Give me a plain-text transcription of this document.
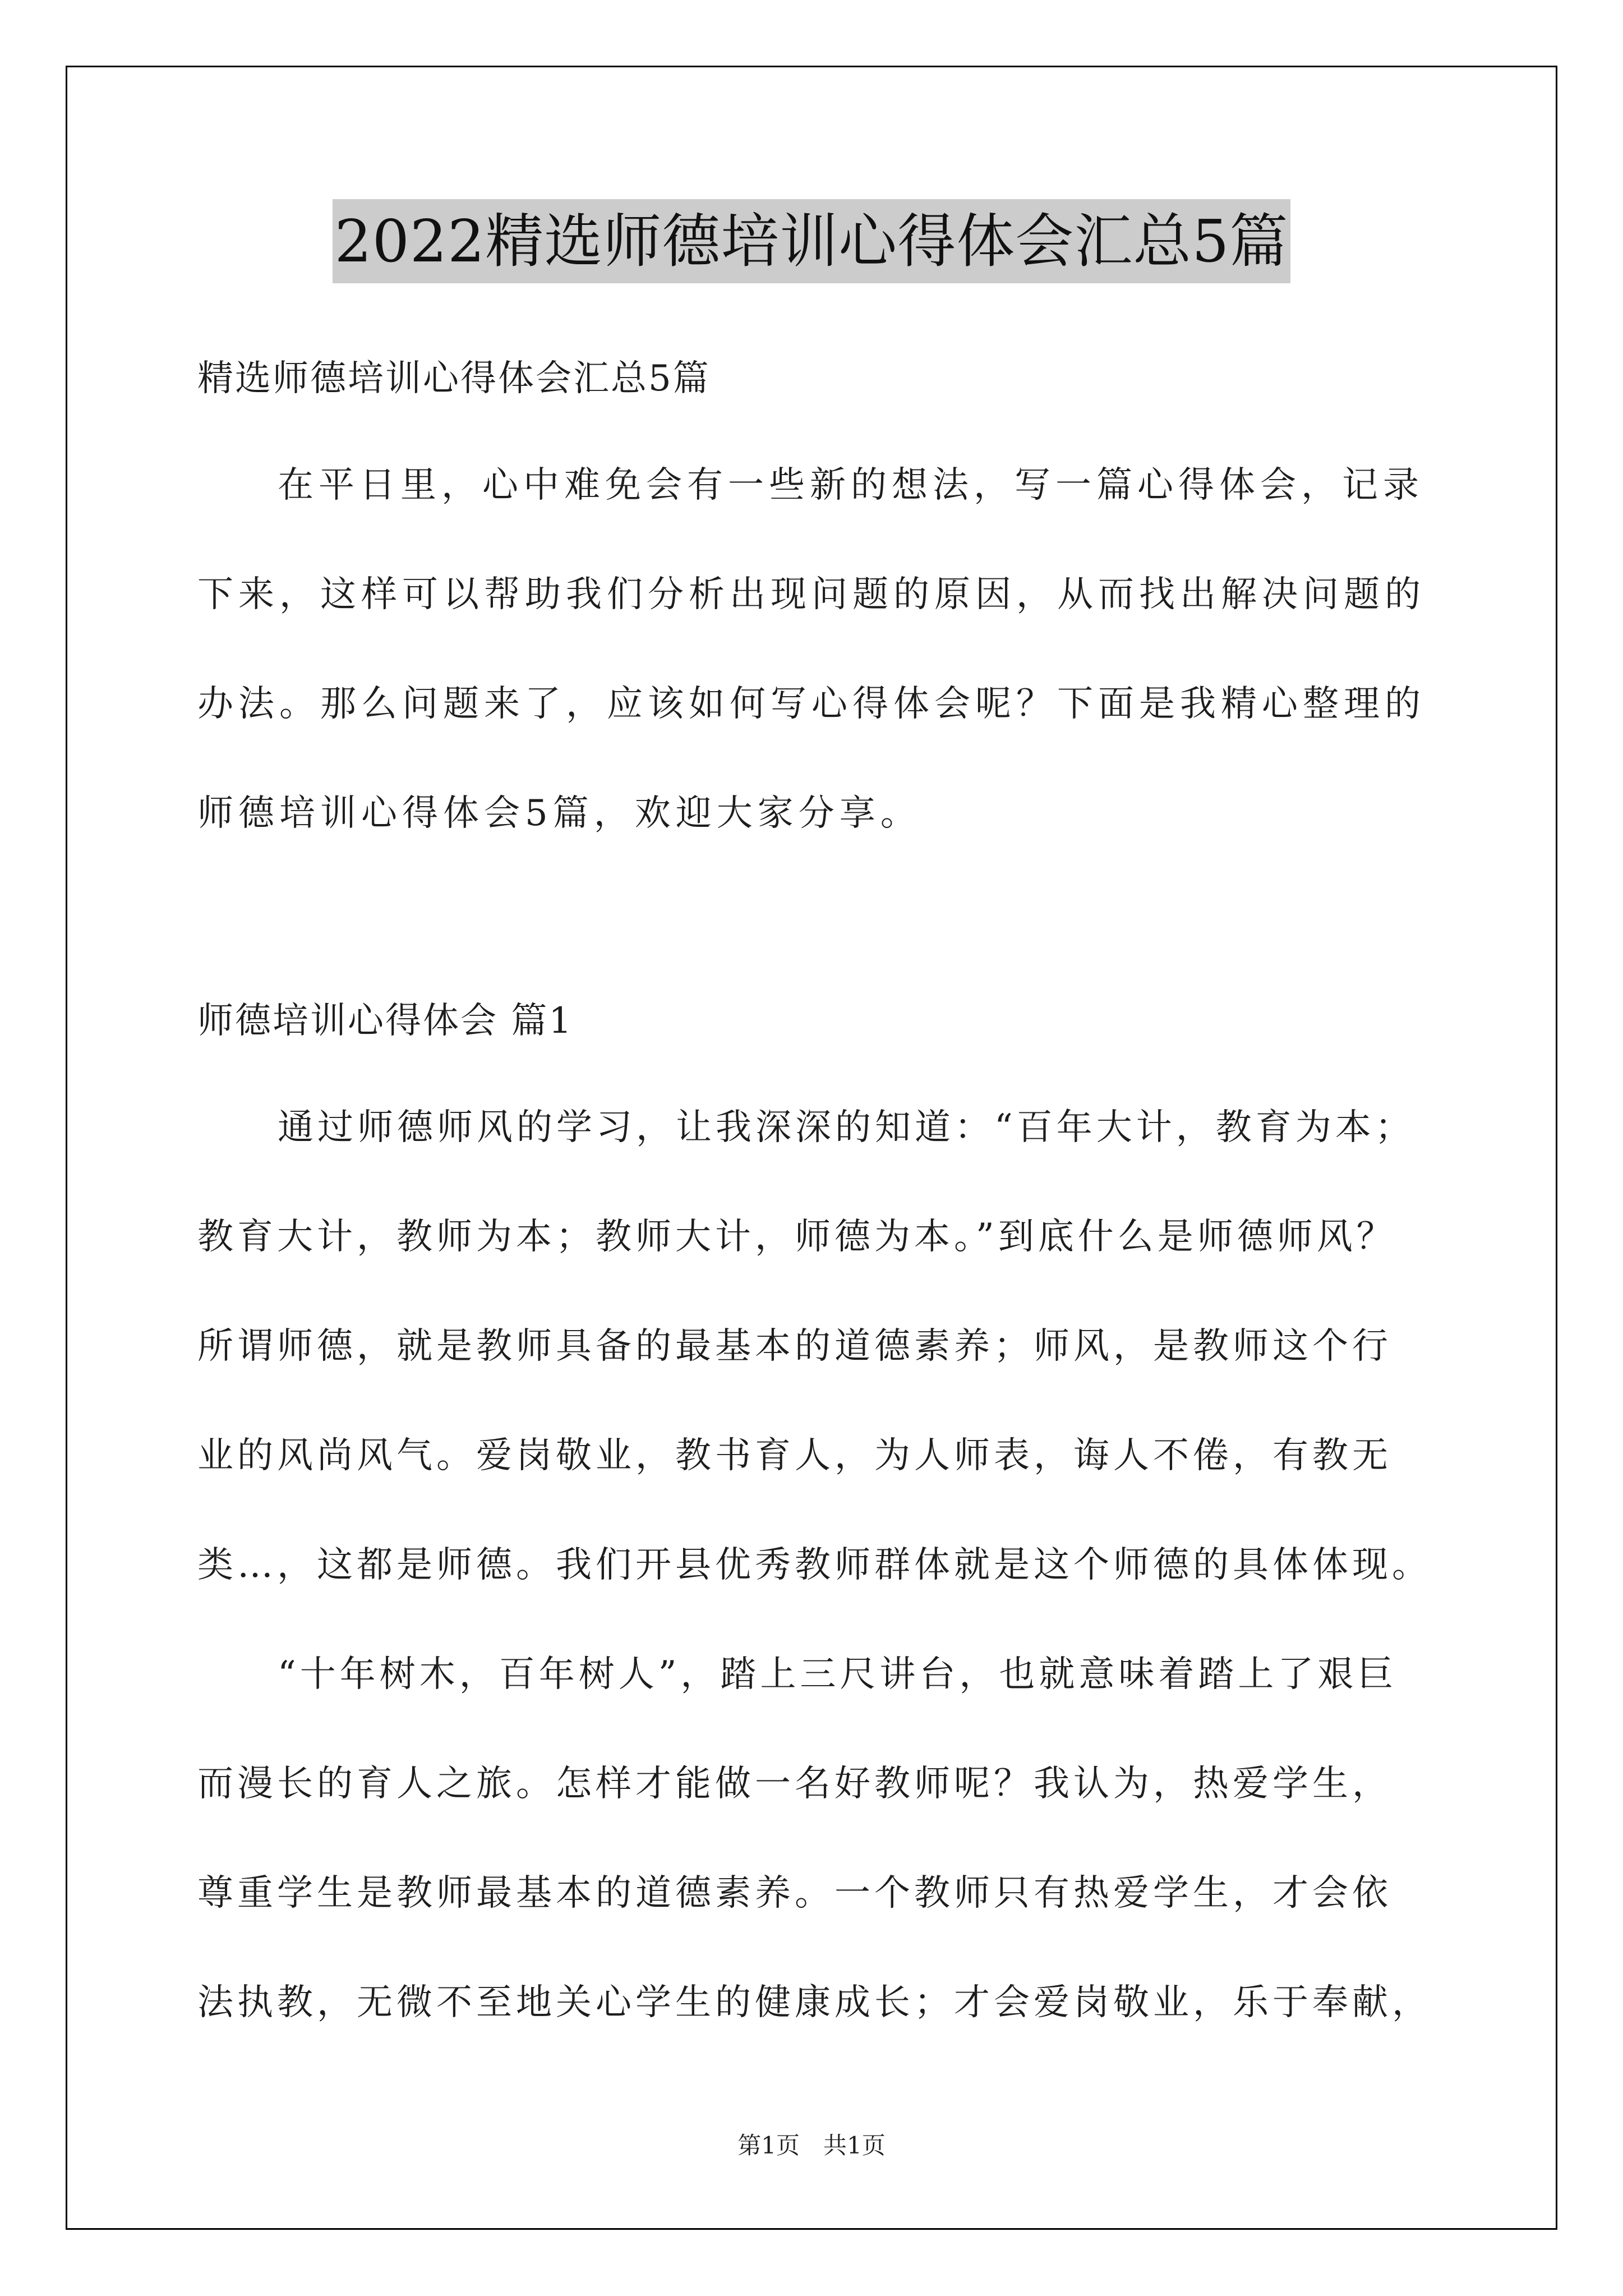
2022精选师德培训心得体会汇总5篇
精选师德培训心得体会汇总5篇
在平日里，心中难免会有一些新的想法，写一篇心得体会，记录
下来，这样可以帮助我们分析出现问题的原因，从而找出解决问题的
办法。那么问题来了，应该如何写心得体会呢？下面是我精心整理的
师德培训心得体会5篇，欢迎大家分享。
师德培训心得体会 篇1
通过师德师风的学习，让我深深的知道：“百年大计，教育为本；
教育大计，教师为本；教师大计，师德为本。”到底什么是师德师风？
所谓师德，就是教师具备的最基本的道德素养；师风，是教师这个行
业的风尚风气。爱岗敬业，教书育人，为人师表，诲人不倦，有教无
类…，这都是师德。我们开县优秀教师群体就是这个师德的具体体现。
“十年树木，百年树人”，踏上三尺讲台，也就意味着踏上了艰巨
而漫长的育人之旅。怎样才能做一名好教师呢？我认为，热爱学生，
尊重学生是教师最基本的道德素养。一个教师只有热爱学生，才会依
法执教，无微不至地关心学生的健康成长；才会爱岗敬业，乐于奉献，
第1页　共1页
